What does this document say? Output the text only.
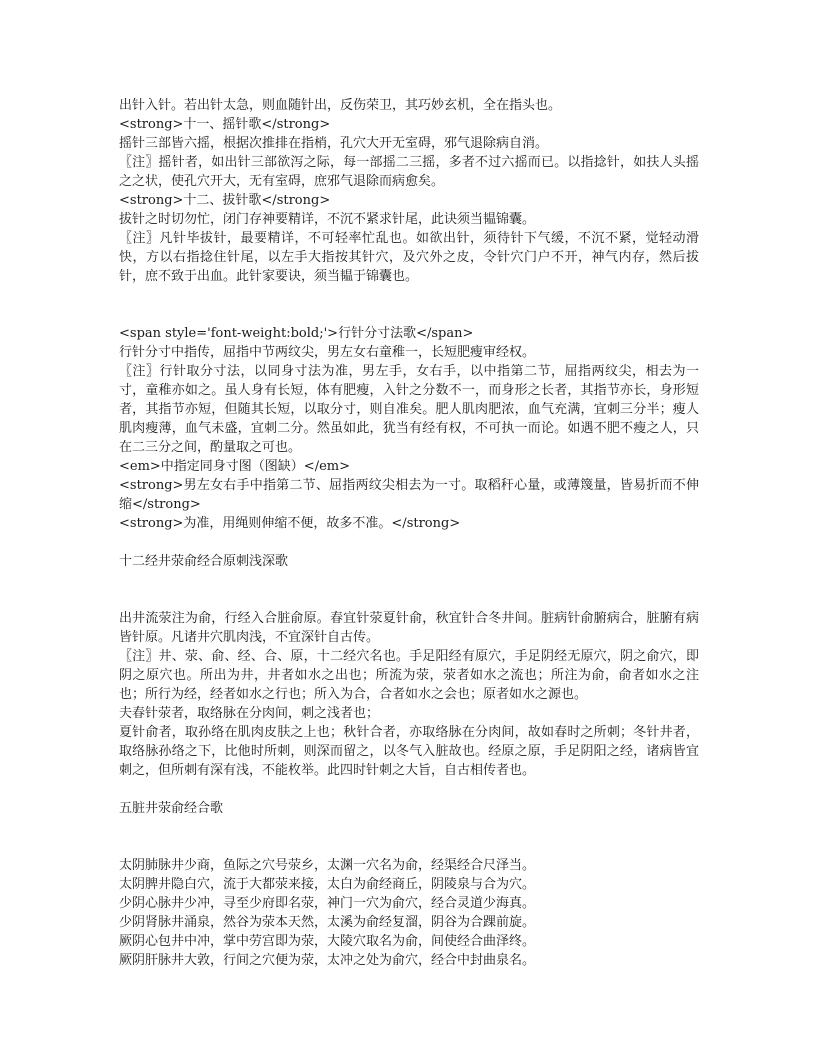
出针入针。若出针太急，则血随针出，反伤荣卫，其巧妙玄机，全在指头也。
<strong>十一、摇针歌</strong>
摇针三部皆六摇，根据次推排在指梢，孔穴大开无室碍，邪气退除病自消。
〖注〗摇针者，如出针三部欲泻之际，每一部摇二三摇，多者不过六摇而已。以指捻针，如扶人头摇之之状，使孔穴开大，无有室碍，庶邪气退除而病愈矣。
<strong>十二、拔针歌</strong>
拔针之时切勿忙，闭门存神要精详，不沉不紧求针尾，此诀须当韫锦囊。
〖注〗凡针毕拔针，最要精详，不可轻率忙乱也。如欲出针，须待针下气缓，不沉不紧，觉轻动滑快，方以右指捻住针尾，以左手大指按其针穴，及穴外之皮，令针穴门户不开，神气内存，然后拔针，庶不致于出血。此针家要诀，须当韫于锦囊也。
<span style='font-weight:bold;'>行针分寸法歌</span>
行针分寸中指传，屈指中节两纹尖，男左女右童稚一，长短肥瘦审经权。
〖注〗行针取分寸法，以同身寸法为准，男左手，女右手，以中指第二节，屈指两纹尖，相去为一寸，童稚亦如之。虽人身有长短，体有肥瘦，入针之分数不一，而身形之长者，其指节亦长，身形短者，其指节亦短，但随其长短，以取分寸，则自准矣。肥人肌肉肥浓，血气充满，宜刺三分半；瘦人肌肉瘦薄，血气未盛，宜刺二分。然虽如此，犹当有经有权，不可执一而论。如遇不肥不瘦之人，只在二三分之间，酌量取之可也。
<em>中指定同身寸图（图缺）</em>
<strong>男左女右手中指第二节、屈指两纹尖相去为一寸。取稻秆心量，或薄篾量，皆易折而不伸缩</strong>
<strong>为准，用绳则伸缩不便，故多不准。</strong>
十二经井荥俞经合原刺浅深歌
出井流荥注为俞，行经入合脏俞原。春宜针荥夏针俞，秋宜针合冬井间。脏病针俞腑病合，脏腑有病皆针原。凡诸井穴肌肉浅，不宜深针自古传。
〖注〗井、荥、俞、经、合、原，十二经穴名也。手足阳经有原穴，手足阴经无原穴，阴之俞穴，即阴之原穴也。所出为井，井者如水之出也；所流为荥，荥者如水之流也；所注为俞，俞者如水之注也；所行为经，经者如水之行也；所入为合，合者如水之会也；原者如水之源也。
夫春针荥者，取络脉在分肉间，刺之浅者也；
夏针俞者，取孙络在肌肉皮肤之上也；秋针合者，亦取络脉在分肉间，故如春时之所刺；冬针井者，取络脉孙络之下，比他时所刺，则深而留之，以冬气入脏故也。经原之原，手足阴阳之经，诸病皆宜刺之，但所刺有深有浅，不能枚举。此四时针刺之大旨，自古相传者也。
五脏井荥俞经合歌
太阴肺脉井少商，鱼际之穴号荥乡，太渊一穴名为俞，经渠经合尺泽当。
太阴脾井隐白穴，流于大都荥来接，太白为俞经商丘，阴陵泉与合为穴。
少阴心脉井少冲，寻至少府即名荥，神门一穴为俞穴，经合灵道少海真。
少阴肾脉井涌泉，然谷为荥本天然，太溪为俞经复溜，阴谷为合踝前旋。
厥阴心包井中冲，掌中劳宫即为荥，大陵穴取名为俞，间使经合曲泽终。
厥阴肝脉井大敦，行间之穴便为荥，太冲之处为俞穴，经合中封曲泉名。
